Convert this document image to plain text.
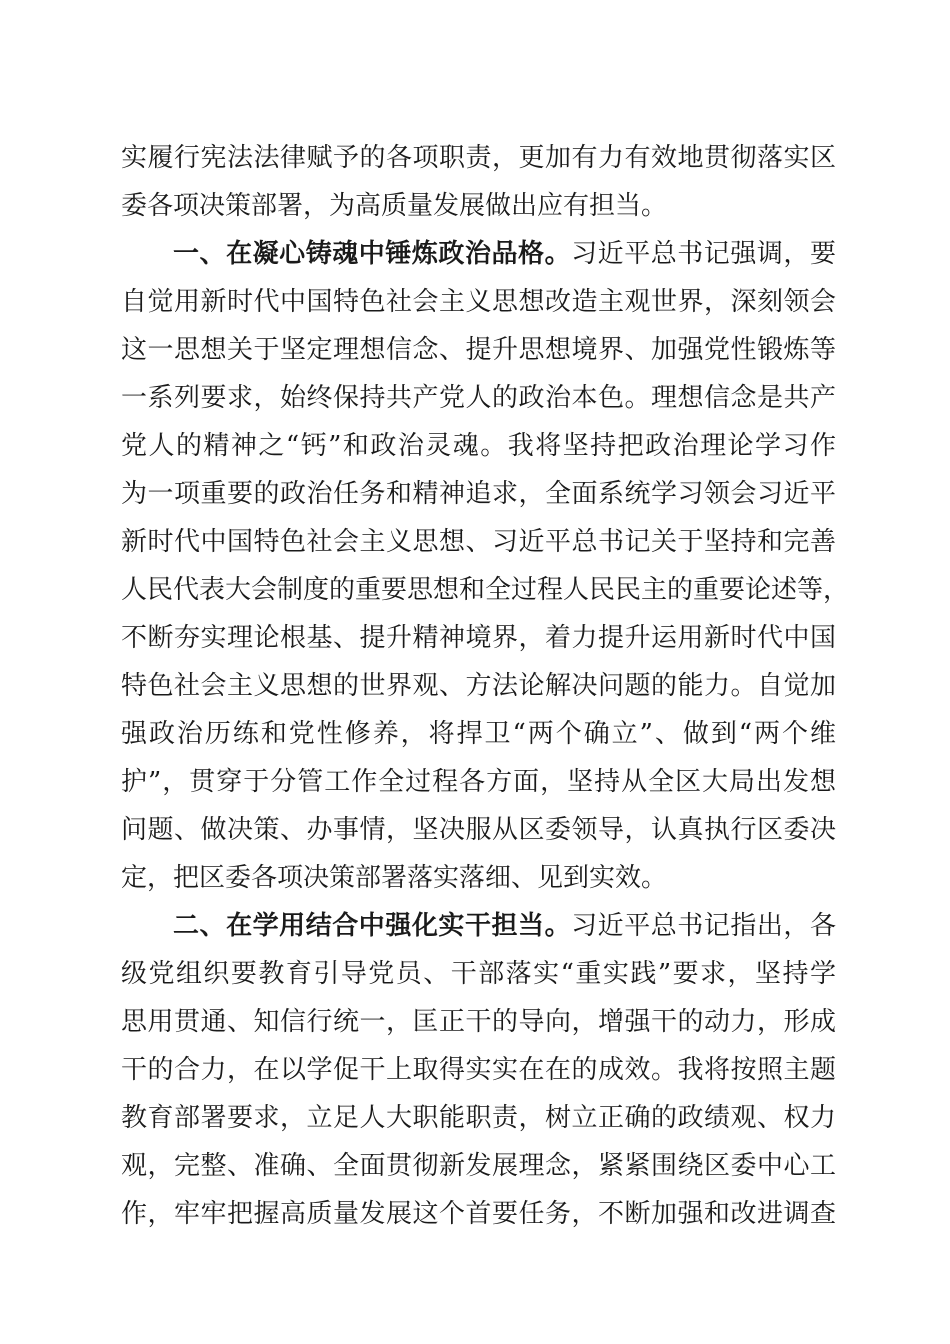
实履行宪法法律赋予的各项职责，更加有力有效地贯彻落实区
委各项决策部署，为高质量发展做出应有担当。
一、在凝心铸魂中锤炼政治品格。习近平总书记强调，要
自觉用新时代中国特色社会主义思想改造主观世界，深刻领会
这一思想关于坚定理想信念、提升思想境界、加强党性锻炼等
一系列要求，始终保持共产党人的政治本色。理想信念是共产
党人的精神之“钙”和政治灵魂。我将坚持把政治理论学习作
为一项重要的政治任务和精神追求，全面系统学习领会习近平
新时代中国特色社会主义思想、习近平总书记关于坚持和完善
人民代表大会制度的重要思想和全过程人民民主的重要论述等，
不断夯实理论根基、提升精神境界，着力提升运用新时代中国
特色社会主义思想的世界观、方法论解决问题的能力。自觉加
强政治历练和党性修养，将捍卫“两个确立”、做到“两个维
护”，贯穿于分管工作全过程各方面，坚持从全区大局出发想
问题、做决策、办事情，坚决服从区委领导，认真执行区委决
定，把区委各项决策部署落实落细、见到实效。
二、在学用结合中强化实干担当。习近平总书记指出，各
级党组织要教育引导党员、干部落实“重实践”要求，坚持学
思用贯通、知信行统一，匡正干的导向，增强干的动力，形成
干的合力，在以学促干上取得实实在在的成效。我将按照主题
教育部署要求，立足人大职能职责，树立正确的政绩观、权力
观，完整、准确、全面贯彻新发展理念，紧紧围绕区委中心工
作，牢牢把握高质量发展这个首要任务，不断加强和改进调查
